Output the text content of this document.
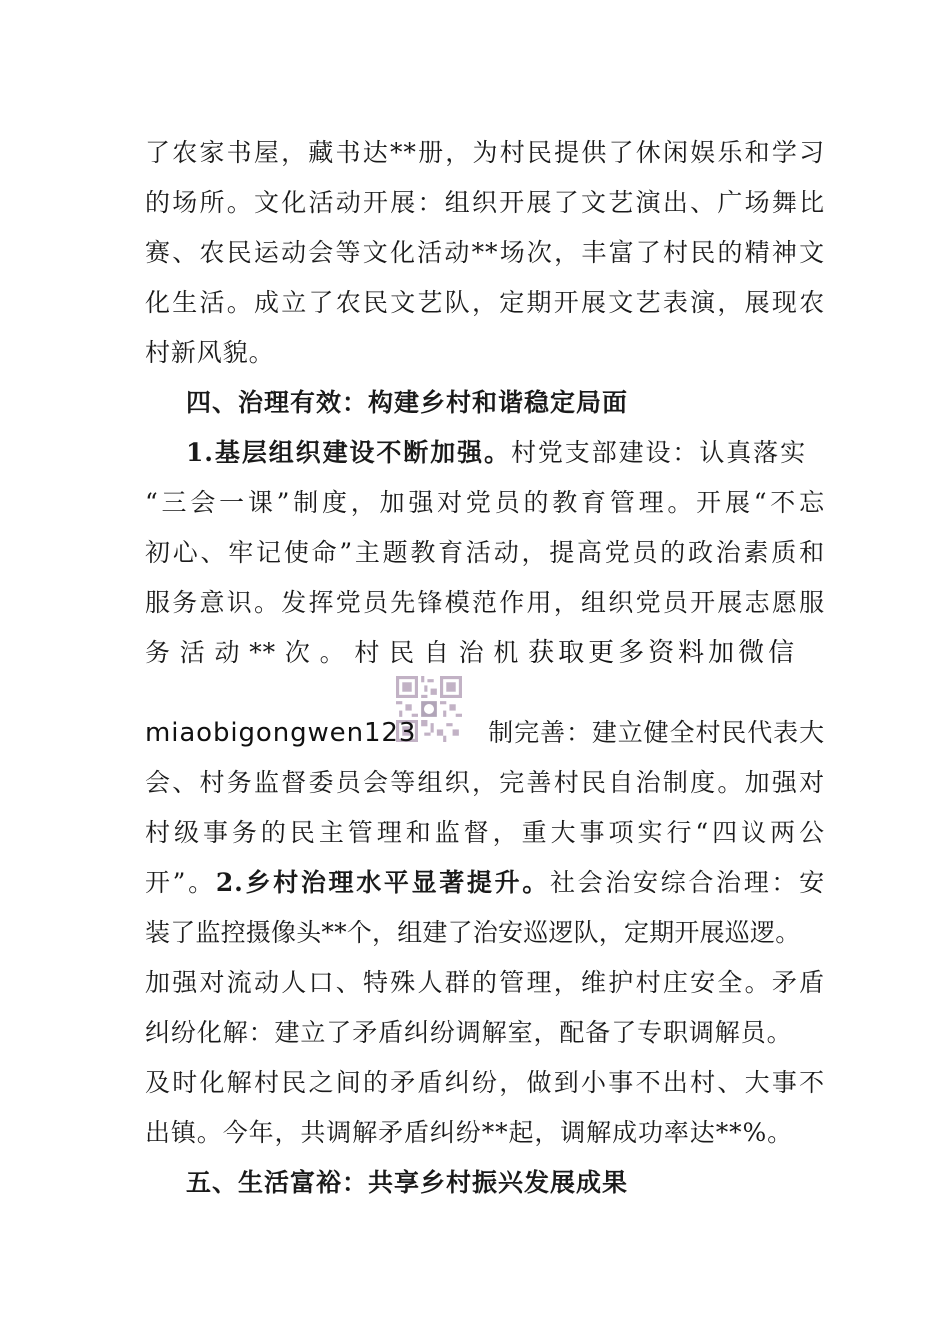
了农家书屋，藏书达**册，为村民提供了休闲娱乐和学习
的场所。文化活动开展：组织开展了文艺演出、广场舞比
赛、农民运动会等文化活动**场次，丰富了村民的精神文
化生活。成立了农民文艺队，定期开展文艺表演，展现农
村新风貌。
四、治理有效：构建乡村和谐稳定局面
1.基层组织建设不断加强。村党支部建设：认真落实
“三会一课”制度，加强对党员的教育管理。开展“不忘
初心、牢记使命”主题教育活动，提高党员的政治素质和
服务意识。发挥党员先锋模范作用，组织党员开展志愿服
务 活 动 ** 次 。 村 民 自 治 机 获取更多资料加微信
miaobigongwen123	制完善：建立健全村民代表大
会、村务监督委员会等组织，完善村民自治制度。加强对
村级事务的民主管理和监督，重大事项实行“四议两公
开”。2.乡村治理水平显著提升。社会治安综合治理：安
装了监控摄像头**个，组建了治安巡逻队，定期开展巡逻。
加强对流动人口、特殊人群的管理，维护村庄安全。矛盾
纠纷化解：建立了矛盾纠纷调解室，配备了专职调解员。
及时化解村民之间的矛盾纠纷，做到小事不出村、大事不
出镇。今年，共调解矛盾纠纷**起，调解成功率达**%。
五、生活富裕：共享乡村振兴发展成果
